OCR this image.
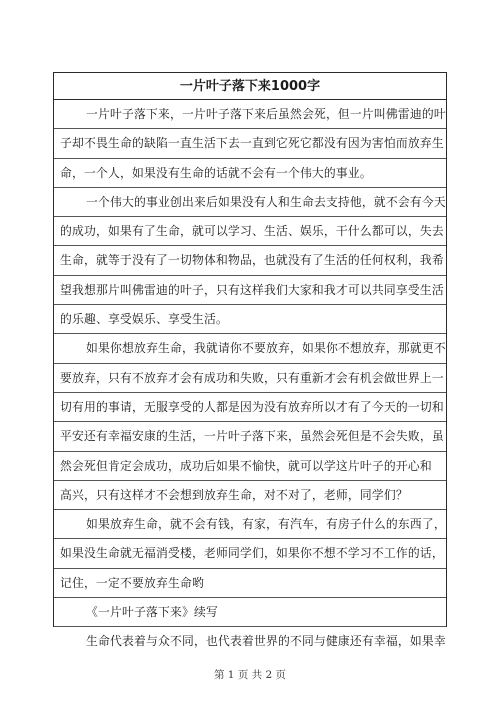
一片叶子落下来1000字
一片叶子落下来，一片叶子落下来后虽然会死，但一片叫佛雷迪的叶
子却不畏生命的缺陷一直生活下去一直到它死它都没有因为害怕而放弃生
命，一个人，如果没有生命的话就不会有一个伟大的事业。
一个伟大的事业创出来后如果没有人和生命去支持他，就不会有今天
的成功，如果有了生命，就可以学习、生活、娱乐，干什么都可以，失去
生命，就等于没有了一切物体和物品，也就没有了生活的任何权利，我希
望我想那片叫佛雷迪的叶子，只有这样我们大家和我才可以共同享受生活
的乐趣、享受娱乐、享受生活。
如果你想放弃生命，我就请你不要放弃，如果你不想放弃，那就更不
要放弃，只有不放弃才会有成功和失败，只有重新才会有机会做世界上一
切有用的事请，无服享受的人都是因为没有放弃所以才有了今天的一切和
平安还有幸福安康的生活，一片叶子落下来，虽然会死但是不会失败，虽
然会死但肯定会成功，成功后如果不愉快，就可以学这片叶子的开心和
高兴，只有这样才不会想到放弃生命，对不对了，老师，同学们？
如果放弃生命，就不会有钱，有家，有汽车，有房子什么的东西了，
如果没生命就无福消受楼，老师同学们，如果你不想不学习不工作的话，
记住，一定不要放弃生命哟
《一片叶子落下来》续写
生命代表着与众不同，也代表着世界的不同与健康还有幸福，如果幸
第 1 页 共 2 页
